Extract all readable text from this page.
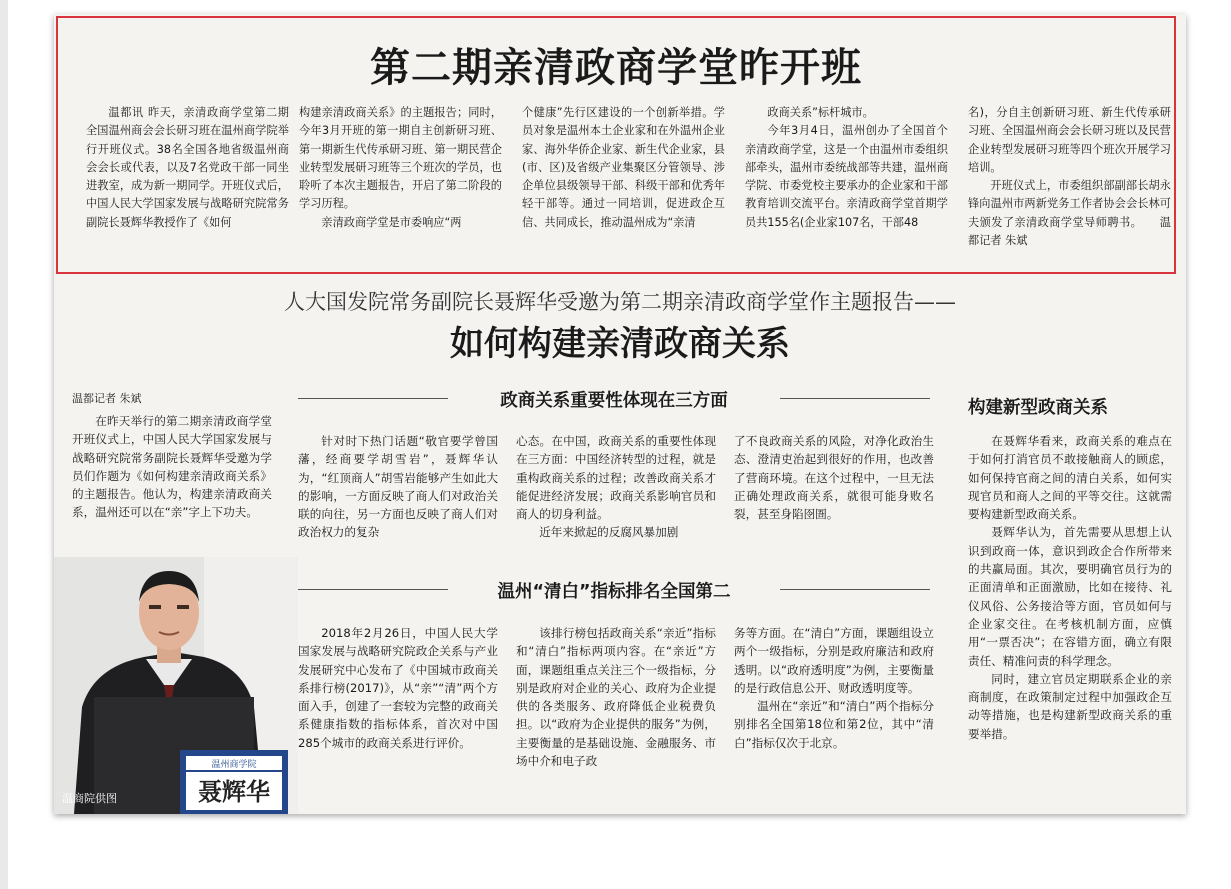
第二期亲清政商学堂昨开班

温都讯 昨天，亲清政商学堂第二期全国温州商会会长研习班在温州商学院举行开班仪式。38名全国各地省级温州商会会长或代表，以及7名党政干部一同坐进教室，成为新一期同学。开班仪式后，中国人民大学国家发展与战略研究院常务副院长聂辉华教授作了《如何

构建亲清政商关系》的主题报告；同时，今年3月开班的第一期自主创新研习班、第一期新生代传承研习班、第一期民营企业转型发展研习班等三个班次的学员，也聆听了本次主题报告，开启了第二阶段的学习历程。

亲清政商学堂是市委响应“两

个健康”先行区建设的一个创新举措。学员对象是温州本土企业家和在外温州企业家、海外华侨企业家、新生代企业家，县(市、区)及省级产业集聚区分管领导、涉企单位县级领导干部、科级干部和优秀年轻干部等。通过一同培训，促进政企互信、共同成长，推动温州成为“亲清

政商关系”标杆城市。

今年3月4日，温州创办了全国首个亲清政商学堂，这是一个由温州市委组织部牵头，温州市委统战部等共建，温州商学院、市委党校主要承办的企业家和干部教育培训交流平台。亲清政商学堂首期学员共155名(企业家107名，干部48

名)，分自主创新研习班、新生代传承研习班、全国温州商会会长研习班以及民营企业转型发展研习班等四个班次开展学习培训。

开班仪式上，市委组织部副部长胡永锋向温州市两新党务工作者协会会长林可夫颁发了亲清政商学堂导师聘书。　　温都记者 朱斌

人大国发院常务副院长聂辉华受邀为第二期亲清政商学堂作主题报告——
如何构建亲清政商关系
温都记者 朱斌

在昨天举行的第二期亲清政商学堂开班仪式上，中国人民大学国家发展与战略研究院常务副院长聂辉华受邀为学员们作题为《如何构建亲清政商关系》的主题报告。他认为，构建亲清政商关系，温州还可以在“亲”字上下功夫。

温州商学院
聂辉华
温商院供图
政商关系重要性体现在三方面

针对时下热门话题“敬官要学曾国藩，经商要学胡雪岩”，聂辉华认为，“红顶商人”胡雪岩能够产生如此大的影响，一方面反映了商人们对政治关联的向往，另一方面也反映了商人们对政治权力的复杂

心态。在中国，政商关系的重要性体现在三方面：中国经济转型的过程，就是重构政商关系的过程；改善政商关系才能促进经济发展；政商关系影响官员和商人的切身利益。

近年来掀起的反腐风暴加剧

了不良政商关系的风险，对净化政治生态、澄清吏治起到很好的作用，也改善了营商环境。在这个过程中，一旦无法正确处理政商关系，就很可能身败名裂，甚至身陷囹圄。

温州“清白”指标排名全国第二

2018年2月26日，中国人民大学国家发展与战略研究院政企关系与产业发展研究中心发布了《中国城市政商关系排行榜(2017)》，从“亲”“清”两个方面入手，创建了一套较为完整的政商关系健康指数的指标体系，首次对中国285个城市的政商关系进行评价。

该排行榜包括政商关系“亲近”指标和“清白”指标两项内容。在“亲近”方面，课题组重点关注三个一级指标，分别是政府对企业的关心、政府为企业提供的各类服务、政府降低企业税费负担。以“政府为企业提供的服务”为例，主要衡量的是基础设施、金融服务、市场中介和电子政

务等方面。在“清白”方面，课题组设立两个一级指标，分别是政府廉洁和政府透明。以“政府透明度”为例，主要衡量的是行政信息公开、财政透明度等。

温州在“亲近”和“清白”两个指标分别排名全国第18位和第2位，其中“清白”指标仅次于北京。

构建新型政商关系

在聂辉华看来，政商关系的难点在于如何打消官员不敢接触商人的顾虑，如何保持官商之间的清白关系，如何实现官员和商人之间的平等交往。这就需要构建新型政商关系。

聂辉华认为，首先需要从思想上认识到政商一体，意识到政企合作所带来的共赢局面。其次，要明确官员行为的正面清单和正面激励，比如在接待、礼仪风俗、公务接洽等方面，官员如何与企业家交往。在考核机制方面，应慎用“一票否决”；在容错方面，确立有限责任、精准问责的科学理念。

同时，建立官员定期联系企业的亲商制度，在政策制定过程中加强政企互动等措施，也是构建新型政商关系的重要举措。
